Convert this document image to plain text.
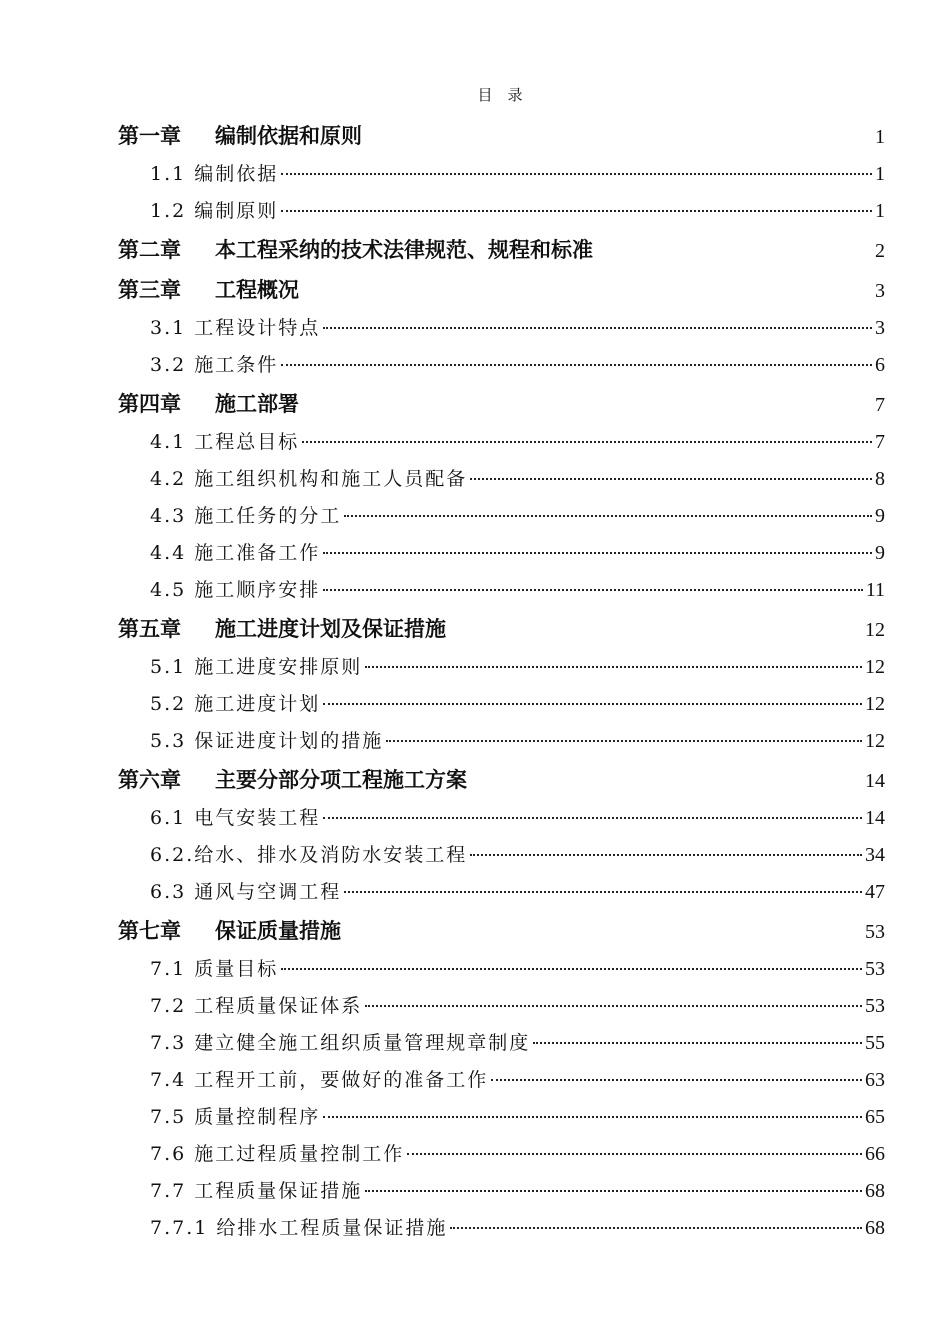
目　录
第一章	编制依据和原则	1
1.1 编制依据	1
1.2 编制原则	1
第二章	本工程采纳的技术法律规范、规程和标准	2
第三章	工程概况	3
3.1 工程设计特点	3
3.2 施工条件	6
第四章	施工部署	7
4.1 工程总目标	7
4.2 施工组织机构和施工人员配备	8
4.3 施工任务的分工	9
4.4 施工准备工作	9
4.5 施工顺序安排	11
第五章	施工进度计划及保证措施	12
5.1 施工进度安排原则	12
5.2 施工进度计划	12
5.3 保证进度计划的措施	12
第六章	主要分部分项工程施工方案	14
6.1 电气安装工程	14
6.2.给水、排水及消防水安装工程	34
6.3 通风与空调工程	47
第七章	保证质量措施	53
7.1 质量目标	53
7.2 工程质量保证体系	53
7.3 建立健全施工组织质量管理规章制度	55
7.4 工程开工前，要做好的准备工作	63
7.5 质量控制程序	65
7.6 施工过程质量控制工作	66
7.7 工程质量保证措施	68
7.7.1 给排水工程质量保证措施	68
